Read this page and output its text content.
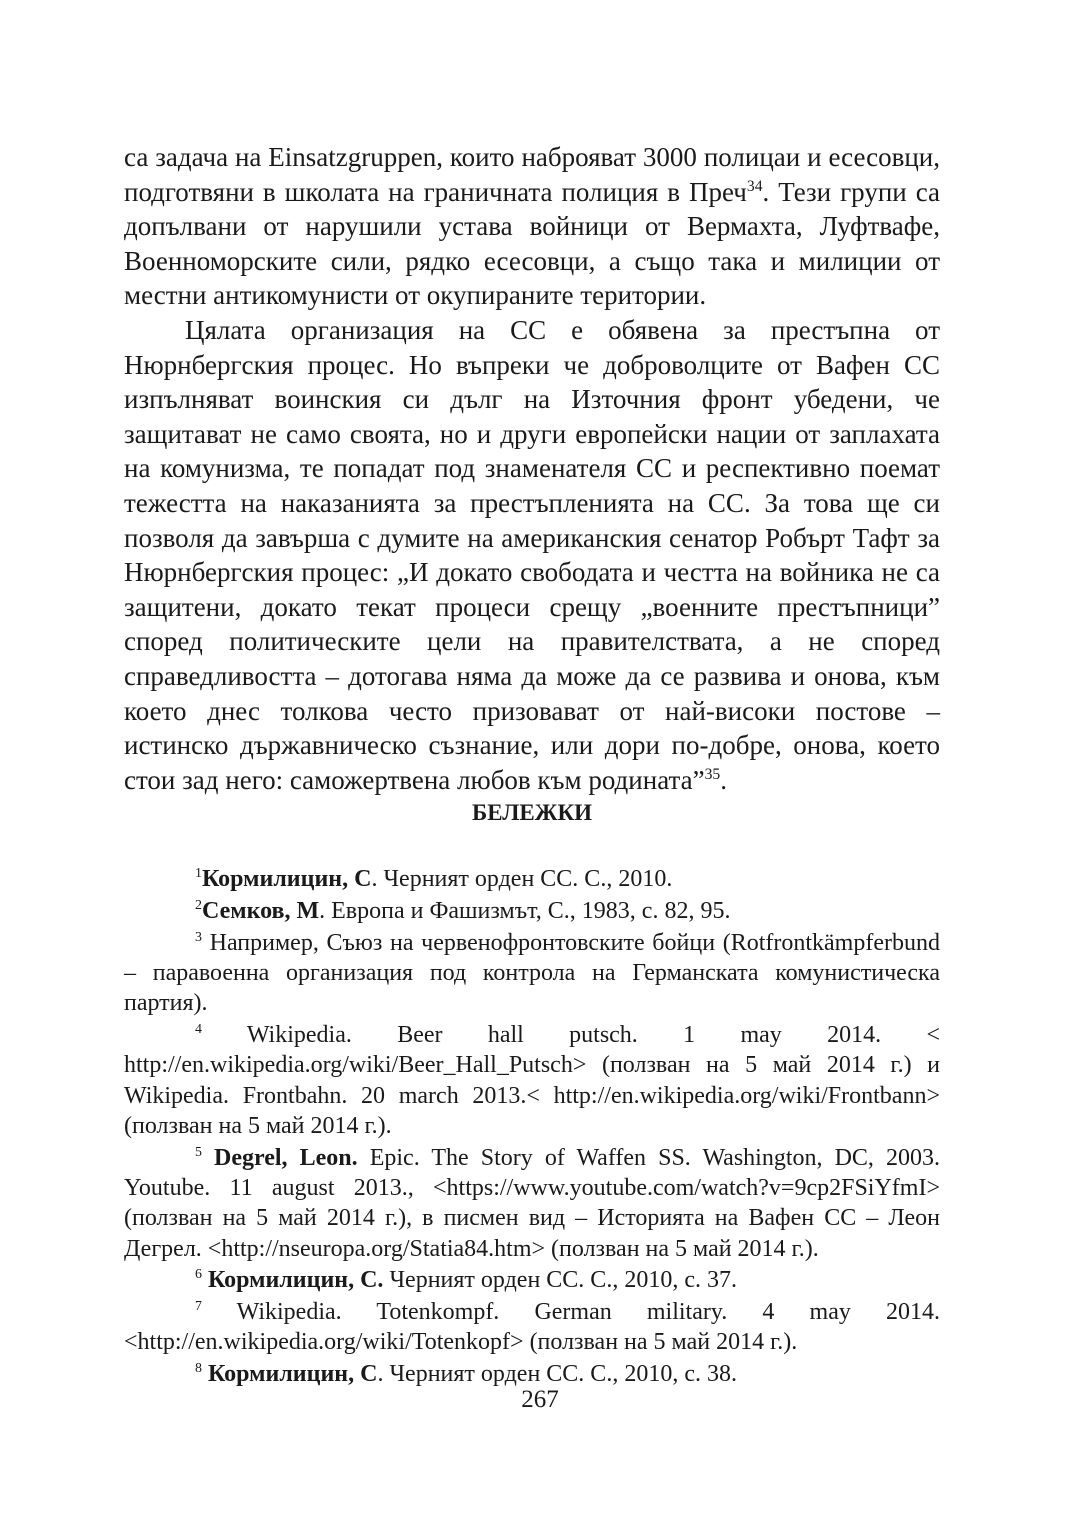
са задача на Einsatzgruppen, които наброяват 3000 полицаи и есесовци, подготвяни в школата на граничната полиция в Преч$^{34}$. Тези групи са допълвани от нарушили устава войници от Вермахта, Луфтвафе, Военноморските сили, рядко есесовци, а също така и милиции от местни антикомунисти от окупираните територии.

Цялата организация на СС е обявена за престъпна от Нюрнбергския процес. Но въпреки че доброволците от Вафен СС изпълняват воинския си дълг на Източния фронт убедени, че защитават не само своята, но и други европейски нации от заплахата на комунизма, те попадат под знаменателя СС и респективно поемат тежестта на наказанията за престъпленията на СС. За това ще си позволя да завърша с думите на американския сенатор Робърт Тафт за Нюрнбергския процес: „И докато свободата и честта на войника не са защитени, докато текат процеси срещу „военните престъпници” според политическите цели на правителствата, а не според справедливостта – дотогава няма да може да се развива и онова, към което днес толкова често призовават от най-високи постове – истинско държавническо съзнание, или дори по-добре, онова, което стои зад него: саможертвена любов към родината”$^{35}$.

БЕЛЕЖКИ

$^1$Кормилицин, С. Черният орден СС. С., 2010.

$^2$Семков, М. Европа и Фашизмът, С., 1983, с. 82, 95.

$^3$ Например, Съюз на червенофронтовските бойци (Rotfrontkämpferbund – паравоенна организация под контрола на Германската комунистическа партия).

$^4$ Wikipedia. Beer hall putsch. 1 may 2014. < http://en.wikipedia.org/wiki/Beer_Hall_Putsch> (ползван на 5 май 2014 г.) и Wikipedia. Frontbahn. 20 march 2013.< http://en.wikipedia.org/wiki/Frontbann> (ползван на 5 май 2014 г.).

$^5$ Degrel, Leon. Epic. The Story of Waffen SS. Washington, DC, 2003. Youtube. 11 august 2013., <https://www.youtube.com/watch?v=9cp2FSiYfmI> (ползван на 5 май 2014 г.), в писмен вид – Историята на Вафен СС – Леон Дегрел. <http://nseuropa.org/Statia84.htm> (ползван на 5 май 2014 г.).

$^6$ Кормилицин, С. Черният орден СС. С., 2010, с. 37.

$^7$ Wikipedia. Totenkompf. German military. 4 may 2014. <http://en.wikipedia.org/wiki/Totenkopf> (ползван на 5 май 2014 г.).

$^8$ Кормилицин, С. Черният орден СС. С., 2010, с. 38.

267
